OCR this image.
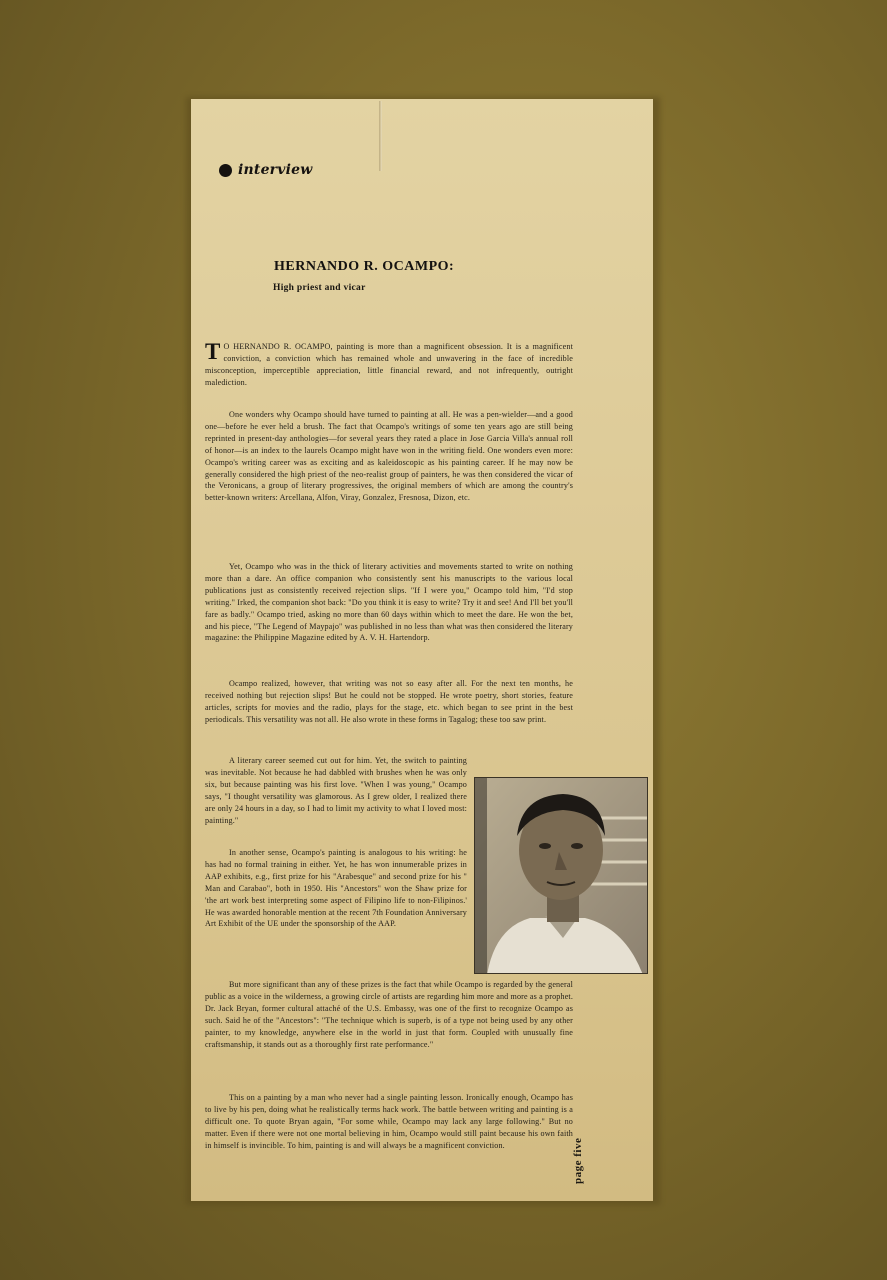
interview
HERNANDO R. OCAMPO:
High priest and vicar

T O HERNANDO R. OCAMPO, painting is more than a magnificent obsession. It is a magnificent conviction, a conviction which has remained whole and unwavering in the face of incredible misconception, imperceptible appreciation, little financial reward, and not infrequently, outright malediction.

One wonders why Ocampo should have turned to painting at all. He was a pen-wielder—and a good one—before he ever held a brush. The fact that Ocampo's writings of some ten years ago are still being reprinted in present-day anthologies—for several years they rated a place in Jose Garcia Villa's annual roll of honor—is an index to the laurels Ocampo might have won in the writing field. One wonders even more: Ocampo's writing career was as exciting and as kaleidoscopic as his painting career. If he may now be generally considered the high priest of the neo-realist group of painters, he was then considered the vicar of the Veronicans, a group of literary progressives, the original members of which are among the country's better-known writers: Arcellana, Alfon, Viray, Gonzalez, Fresnosa, Dizon, etc.

Yet, Ocampo who was in the thick of literary activities and movements started to write on nothing more than a dare. An office companion who consistently sent his manuscripts to the various local publications just as consistently received rejection slips. "If I were you," Ocampo told him, "I'd stop writing." Irked, the companion shot back: "Do you think it is easy to write? Try it and see! And I'll bet you'll fare as badly." Ocampo tried, asking no more than 60 days within which to meet the dare. He won the bet, and his piece, "The Legend of Maypajo" was published in no less than what was then considered the literary magazine: the Philippine Magazine edited by A. V. H. Hartendorp.

Ocampo realized, however, that writing was not so easy after all. For the next ten months, he received nothing but rejection slips! But he could not be stopped. He wrote poetry, short stories, feature articles, scripts for movies and the radio, plays for the stage, etc. which began to see print in the best periodicals. This versatility was not all. He also wrote in these forms in Tagalog; these too saw print.

A literary career seemed cut out for him. Yet, the switch to painting was inevitable. Not because he had dabbled with brushes when he was only six, but because painting was his first love. "When I was young," Ocampo says, "I thought versatility was glamorous. As I grew older, I realized there are only 24 hours in a day, so I had to limit my activity to what I loved most: painting."

In another sense, Ocampo's painting is analogous to his writing: he has had no formal training in either. Yet, he has won innumerable prizes in AAP exhibits, e.g., first prize for his "Arabesque" and second prize for his " Man and Carabao", both in 1950. His "Ancestors" won the Shaw prize for 'the art work best interpreting some aspect of Filipino life to non-Filipinos.' He was awarded honorable mention at the recent 7th Foundation Anniversary Art Exhibit of the UE under the sponsorship of the AAP.

But more significant than any of these prizes is the fact that while Ocampo is regarded by the general public as a voice in the wilderness, a growing circle of artists are regarding him more and more as a prophet. Dr. Jack Bryan, former cultural attaché of the U.S. Embassy, was one of the first to recognize Ocampo as such. Said he of the "Ancestors": "The technique which is superb, is of a type not being used by any other painter, to my knowledge, anywhere else in the world in just that form. Coupled with unusually fine craftsmanship, it stands out as a thoroughly first rate performance."

This on a painting by a man who never had a single painting lesson. Ironically enough, Ocampo has to live by his pen, doing what he realistically terms hack work. The battle between writing and painting is a difficult one. To quote Bryan again, "For some while, Ocampo may lack any large following." But no matter. Even if there were not one mortal believing in him, Ocampo would still paint because his own faith in himself is invincible. To him, painting is and will always be a magnificent conviction.	page five
